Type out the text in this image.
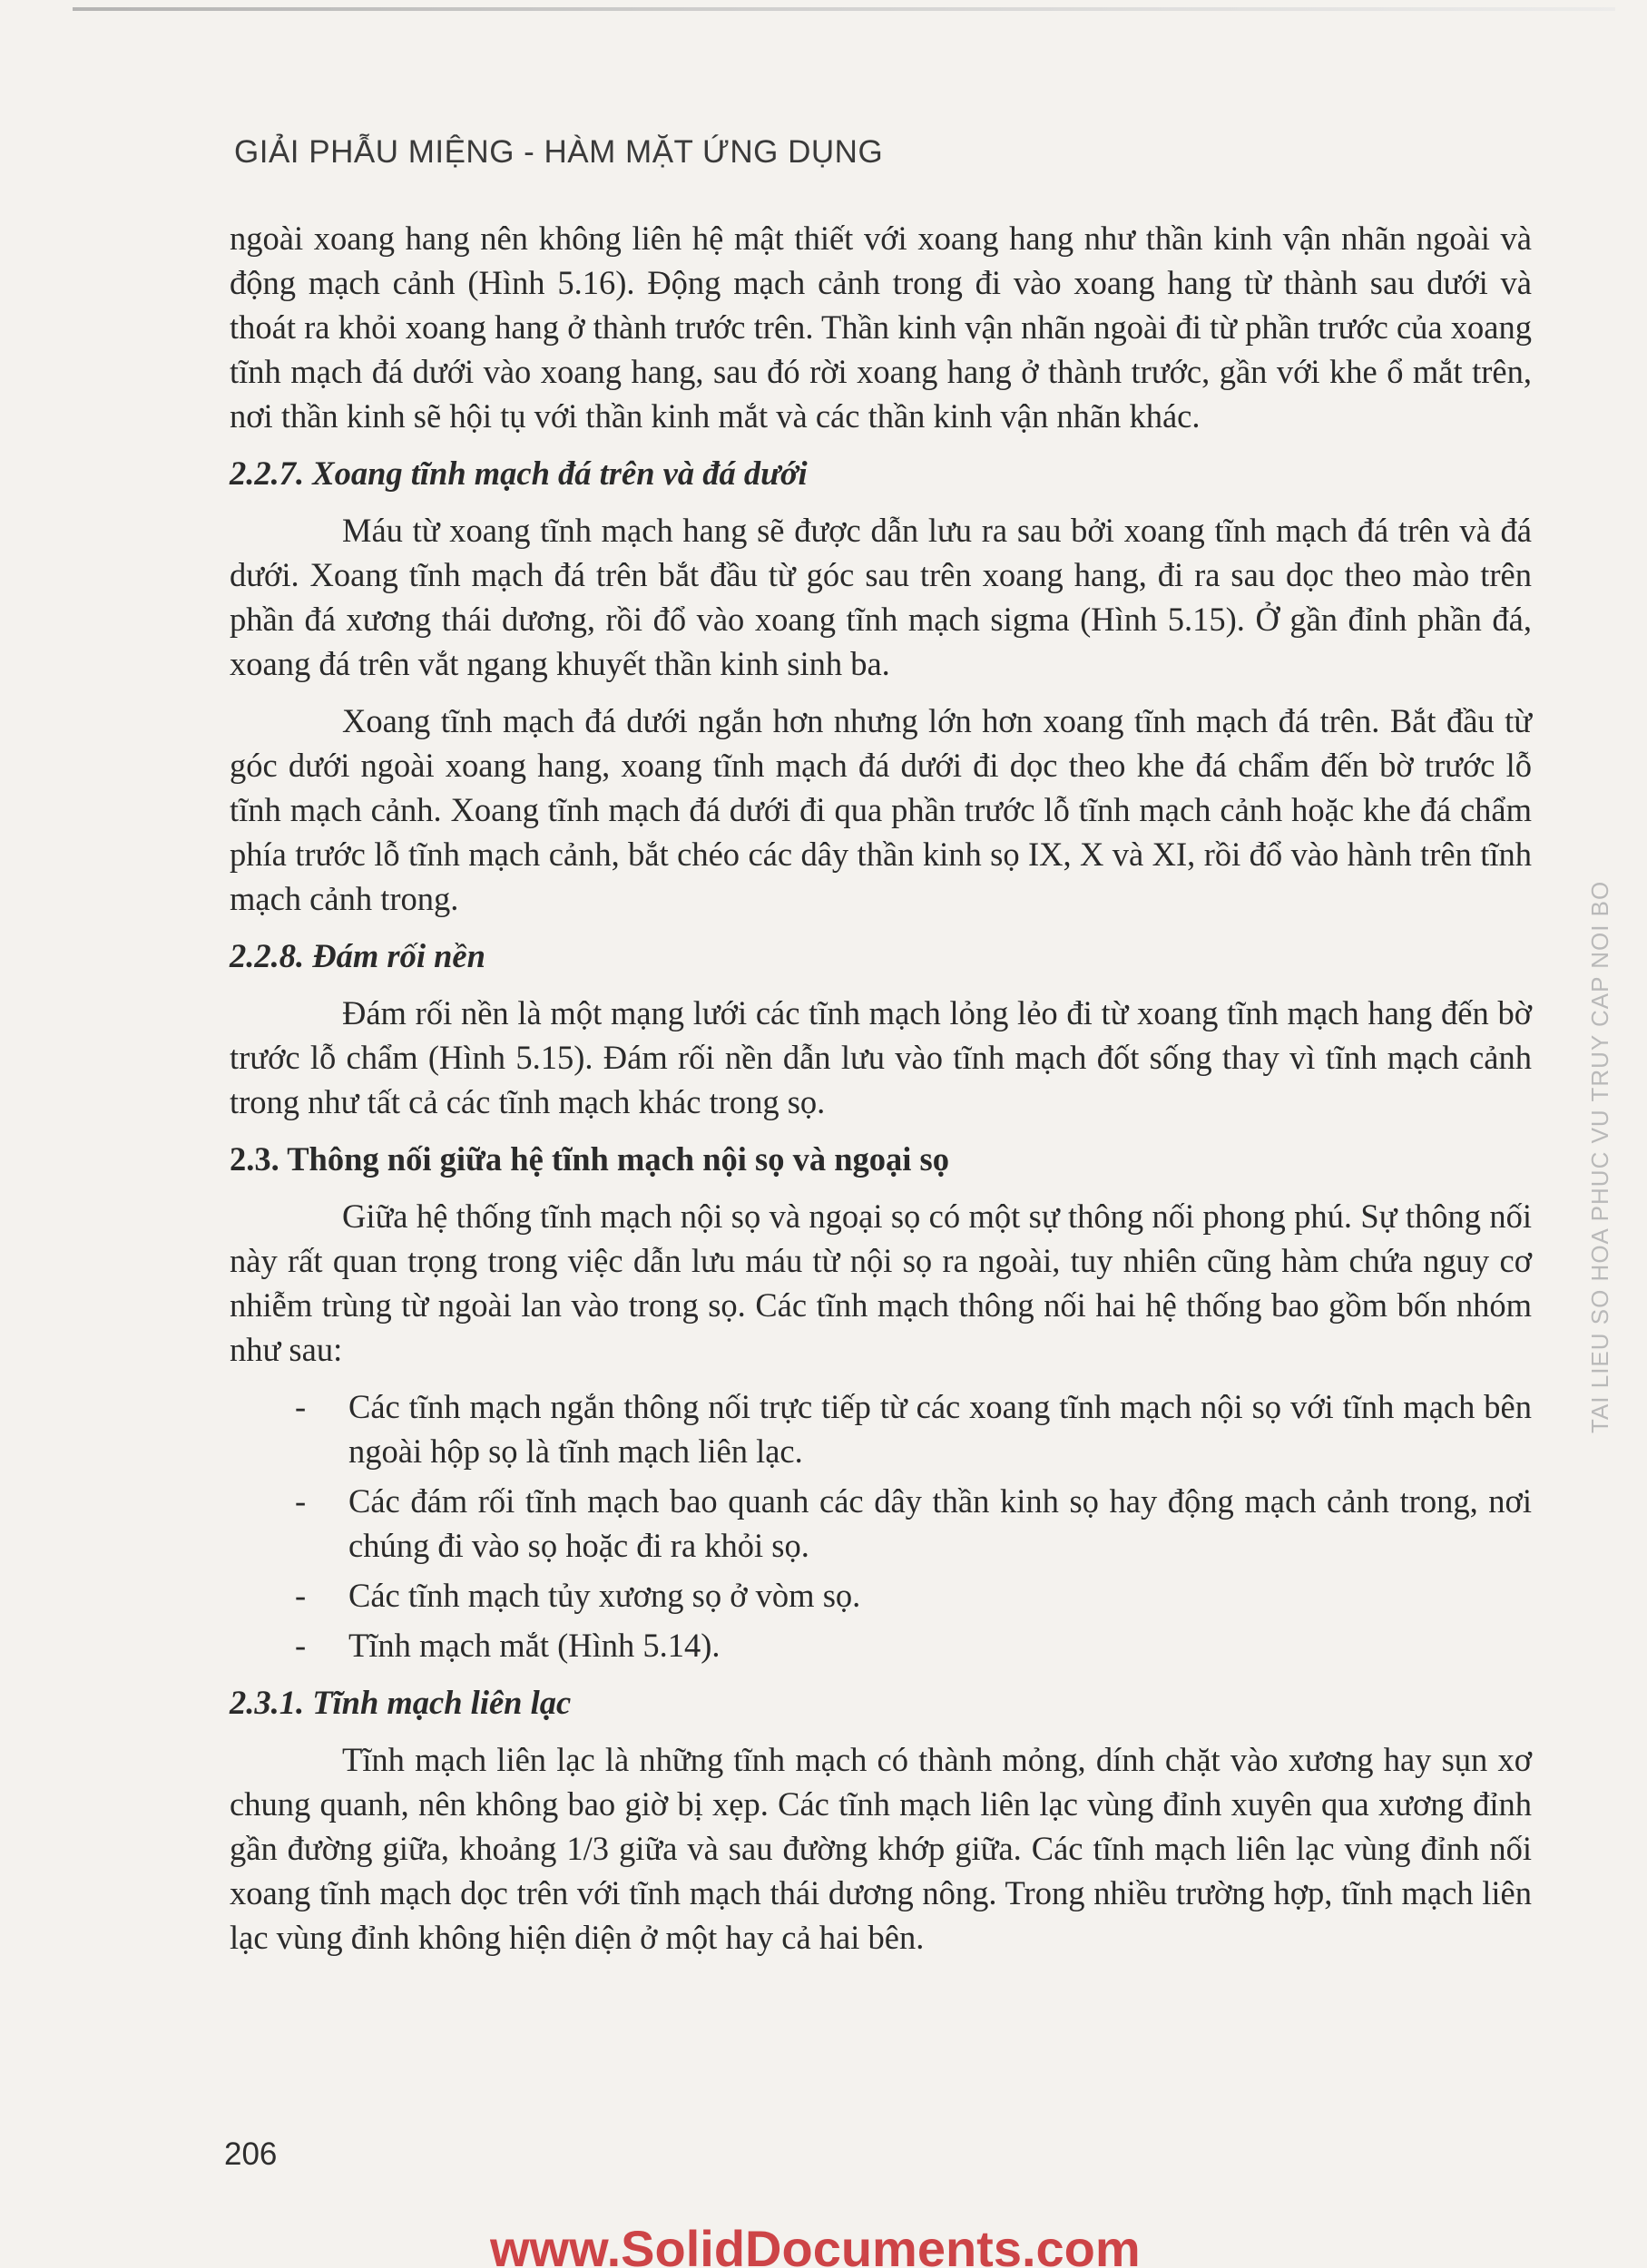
GIẢI PHẪU MIỆNG - HÀM MẶT ỨNG DỤNG

ngoài xoang hang nên không liên hệ mật thiết với xoang hang như thần kinh vận nhãn ngoài và động mạch cảnh (Hình 5.16). Động mạch cảnh trong đi vào xoang hang từ thành sau dưới và thoát ra khỏi xoang hang ở thành trước trên. Thần kinh vận nhãn ngoài đi từ phần trước của xoang tĩnh mạch đá dưới vào xoang hang, sau đó rời xoang hang ở thành trước, gần với khe ổ mắt trên, nơi thần kinh sẽ hội tụ với thần kinh mắt và các thần kinh vận nhãn khác.

2.2.7. Xoang tĩnh mạch đá trên và đá dưới

Máu từ xoang tĩnh mạch hang sẽ được dẫn lưu ra sau bởi xoang tĩnh mạch đá trên và đá dưới. Xoang tĩnh mạch đá trên bắt đầu từ góc sau trên xoang hang, đi ra sau dọc theo mào trên phần đá xương thái dương, rồi đổ vào xoang tĩnh mạch sigma (Hình 5.15). Ở gần đỉnh phần đá, xoang đá trên vắt ngang khuyết thần kinh sinh ba.

Xoang tĩnh mạch đá dưới ngắn hơn nhưng lớn hơn xoang tĩnh mạch đá trên. Bắt đầu từ góc dưới ngoài xoang hang, xoang tĩnh mạch đá dưới đi dọc theo khe đá chẩm đến bờ trước lỗ tĩnh mạch cảnh. Xoang tĩnh mạch đá dưới đi qua phần trước lỗ tĩnh mạch cảnh hoặc khe đá chẩm phía trước lỗ tĩnh mạch cảnh, bắt chéo các dây thần kinh sọ IX, X và XI, rồi đổ vào hành trên tĩnh mạch cảnh trong.

2.2.8. Đám rối nền

Đám rối nền là một mạng lưới các tĩnh mạch lỏng lẻo đi từ xoang tĩnh mạch hang đến bờ trước lỗ chẩm (Hình 5.15). Đám rối nền dẫn lưu vào tĩnh mạch đốt sống thay vì tĩnh mạch cảnh trong như tất cả các tĩnh mạch khác trong sọ.

2.3. Thông nối giữa hệ tĩnh mạch nội sọ và ngoại sọ

Giữa hệ thống tĩnh mạch nội sọ và ngoại sọ có một sự thông nối phong phú. Sự thông nối này rất quan trọng trong việc dẫn lưu máu từ nội sọ ra ngoài, tuy nhiên cũng hàm chứa nguy cơ nhiễm trùng từ ngoài lan vào trong sọ. Các tĩnh mạch thông nối hai hệ thống bao gồm bốn nhóm như sau:

- Các tĩnh mạch ngắn thông nối trực tiếp từ các xoang tĩnh mạch nội sọ với tĩnh mạch bên ngoài hộp sọ là tĩnh mạch liên lạc.
- Các đám rối tĩnh mạch bao quanh các dây thần kinh sọ hay động mạch cảnh trong, nơi chúng đi vào sọ hoặc đi ra khỏi sọ.
- Các tĩnh mạch tủy xương sọ ở vòm sọ.
- Tĩnh mạch mắt (Hình 5.14).
2.3.1. Tĩnh mạch liên lạc

Tĩnh mạch liên lạc là những tĩnh mạch có thành mỏng, dính chặt vào xương hay sụn xơ chung quanh, nên không bao giờ bị xẹp. Các tĩnh mạch liên lạc vùng đỉnh xuyên qua xương đỉnh gần đường giữa, khoảng 1/3 giữa và sau đường khớp giữa. Các tĩnh mạch liên lạc vùng đỉnh nối xoang tĩnh mạch dọc trên với tĩnh mạch thái dương nông. Trong nhiều trường hợp, tĩnh mạch liên lạc vùng đỉnh không hiện diện ở một hay cả hai bên.

206
TAI LIEU SO HOA PHUC VU TRUY CAP NOI BO
www.SolidDocuments.com
